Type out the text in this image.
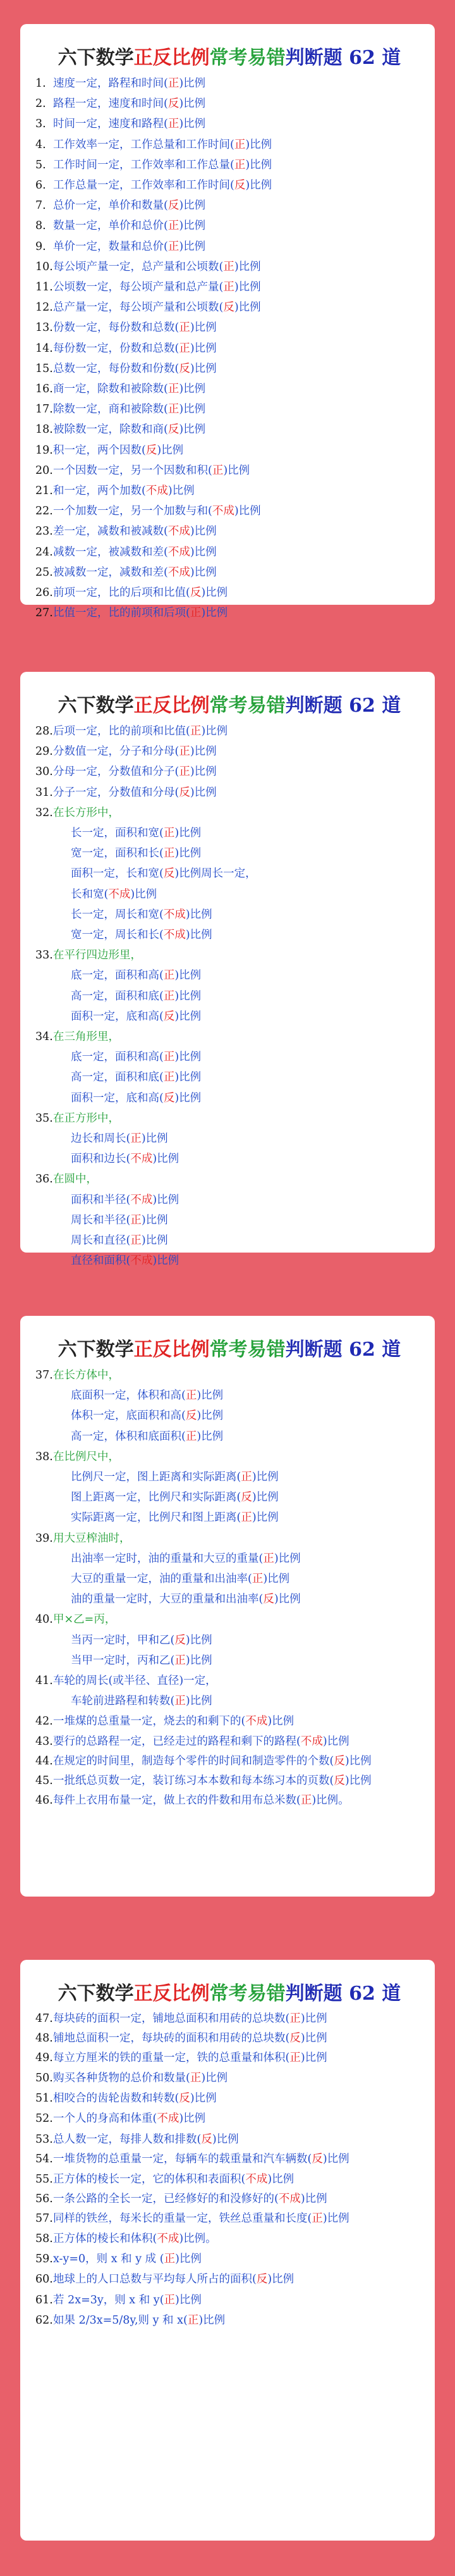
六下数学正反比例常考易错判断题 62 道
1. 速度一定，路程和时间(正)比例
2. 路程一定，速度和时间(反)比例
3. 时间一定，速度和路程(正)比例
4. 工作效率一定，工作总量和工作时间(正)比例
5. 工作时间一定，工作效率和工作总量(正)比例
6. 工作总量一定，工作效率和工作时间(反)比例
7. 总价一定，单价和数量(反)比例
8. 数量一定，单价和总价(正)比例
9. 单价一定，数量和总价(正)比例
10. 每公顷产量一定，总产量和公顷数(正)比例
11. 公顷数一定，每公顷产量和总产量(正)比例
12. 总产量一定，每公顷产量和公顷数(反)比例
13. 份数一定，每份数和总数(正)比例
14. 每份数一定，份数和总数(正)比例
15. 总数一定，每份数和份数(反)比例
16. 商一定，除数和被除数(正)比例
17. 除数一定，商和被除数(正)比例
18. 被除数一定，除数和商(反)比例
19. 积一定，两个因数(反)比例
20. 一个因数一定，另一个因数和积(正)比例
21. 和一定，两个加数(不成)比例
22. 一个加数一定，另一个加数与和(不成)比例
23. 差一定，减数和被减数(不成)比例
24. 减数一定，被减数和差(不成)比例
25. 被减数一定，减数和差(不成)比例
26. 前项一定，比的后项和比值(反)比例
27. 比值一定，比的前项和后项(正)比例
六下数学正反比例常考易错判断题 62 道
28. 后项一定，比的前项和比值(正)比例
29. 分数值一定，分子和分母(正)比例
30. 分母一定，分数值和分子(正)比例
31. 分子一定，分数值和分母(反)比例
32. 在长方形中，
长一定，面积和宽(正)比例
宽一定，面积和长(正)比例
面积一定，长和宽(反)比例周长一定，
长和宽(不成)比例
长一定，周长和宽(不成)比例
宽一定，周长和长(不成)比例
33. 在平行四边形里，
底一定，面积和高(正)比例
高一定，面积和底(正)比例
面积一定，底和高(反)比例
34. 在三角形里，
底一定，面积和高(正)比例
高一定，面积和底(正)比例
面积一定，底和高(反)比例
35. 在正方形中，
边长和周长(正)比例
面积和边长(不成)比例
36. 在圆中，
面积和半径(不成)比例
周长和半径(正)比例
周长和直径(正)比例
直径和面积(不成)比例
六下数学正反比例常考易错判断题 62 道
37. 在长方体中，
底面积一定，体积和高(正)比例
体积一定，底面积和高(反)比例
高一定，体积和底面积(正)比例
38. 在比例尺中，
比例尺一定，图上距离和实际距离(正)比例
图上距离一定，比例尺和实际距离(反)比例
实际距离一定，比例尺和图上距离(正)比例
39. 用大豆榨油时，
出油率一定时，油的重量和大豆的重量(正)比例
大豆的重量一定，油的重量和出油率(正)比例
油的重量一定时，大豆的重量和出油率(反)比例
40. 甲×乙=丙，
当丙一定时，甲和乙(反)比例
当甲一定时，丙和乙(正)比例
41. 车轮的周长(或半径、直径)一定，
车轮前进路程和转数(正)比例
42. 一堆煤的总重量一定，烧去的和剩下的(不成)比例
43. 要行的总路程一定，已经走过的路程和剩下的路程(不成)比例
44. 在规定的时间里，制造每个零件的时间和制造零件的个数(反)比例
45. 一批纸总页数一定，装订练习本本数和每本练习本的页数(反)比例
46. 每件上衣用布量一定，做上衣的件数和用布总米数(正)比例。
六下数学正反比例常考易错判断题 62 道
47. 每块砖的面积一定，铺地总面积和用砖的总块数(正)比例
48. 铺地总面积一定，每块砖的面积和用砖的总块数(反)比例
49. 每立方厘米的铁的重量一定，铁的总重量和体积(正)比例
50. 购买各种货物的总价和数量(正)比例
51. 相咬合的齿轮齿数和转数(反)比例
52. 一个人的身高和体重(不成)比例
53. 总人数一定，每排人数和排数(反)比例
54. 一堆货物的总重量一定，每辆车的载重量和汽车辆数(反)比例
55. 正方体的棱长一定，它的体积和表面积(不成)比例
56. 一条公路的全长一定，已经修好的和没修好的(不成)比例
57. 同样的铁丝，每米长的重量一定，铁丝总重量和长度(正)比例
58. 正方体的棱长和体积(不成)比例。
59. x-y=0，则 x 和 y 成 (正)比例
60. 地球上的人口总数与平均每人所占的面积(反)比例
61. 若 2x=3y，则 x 和 y(正)比例
62. 如果 2/3x=5/8y,则 y 和 x(正)比例
